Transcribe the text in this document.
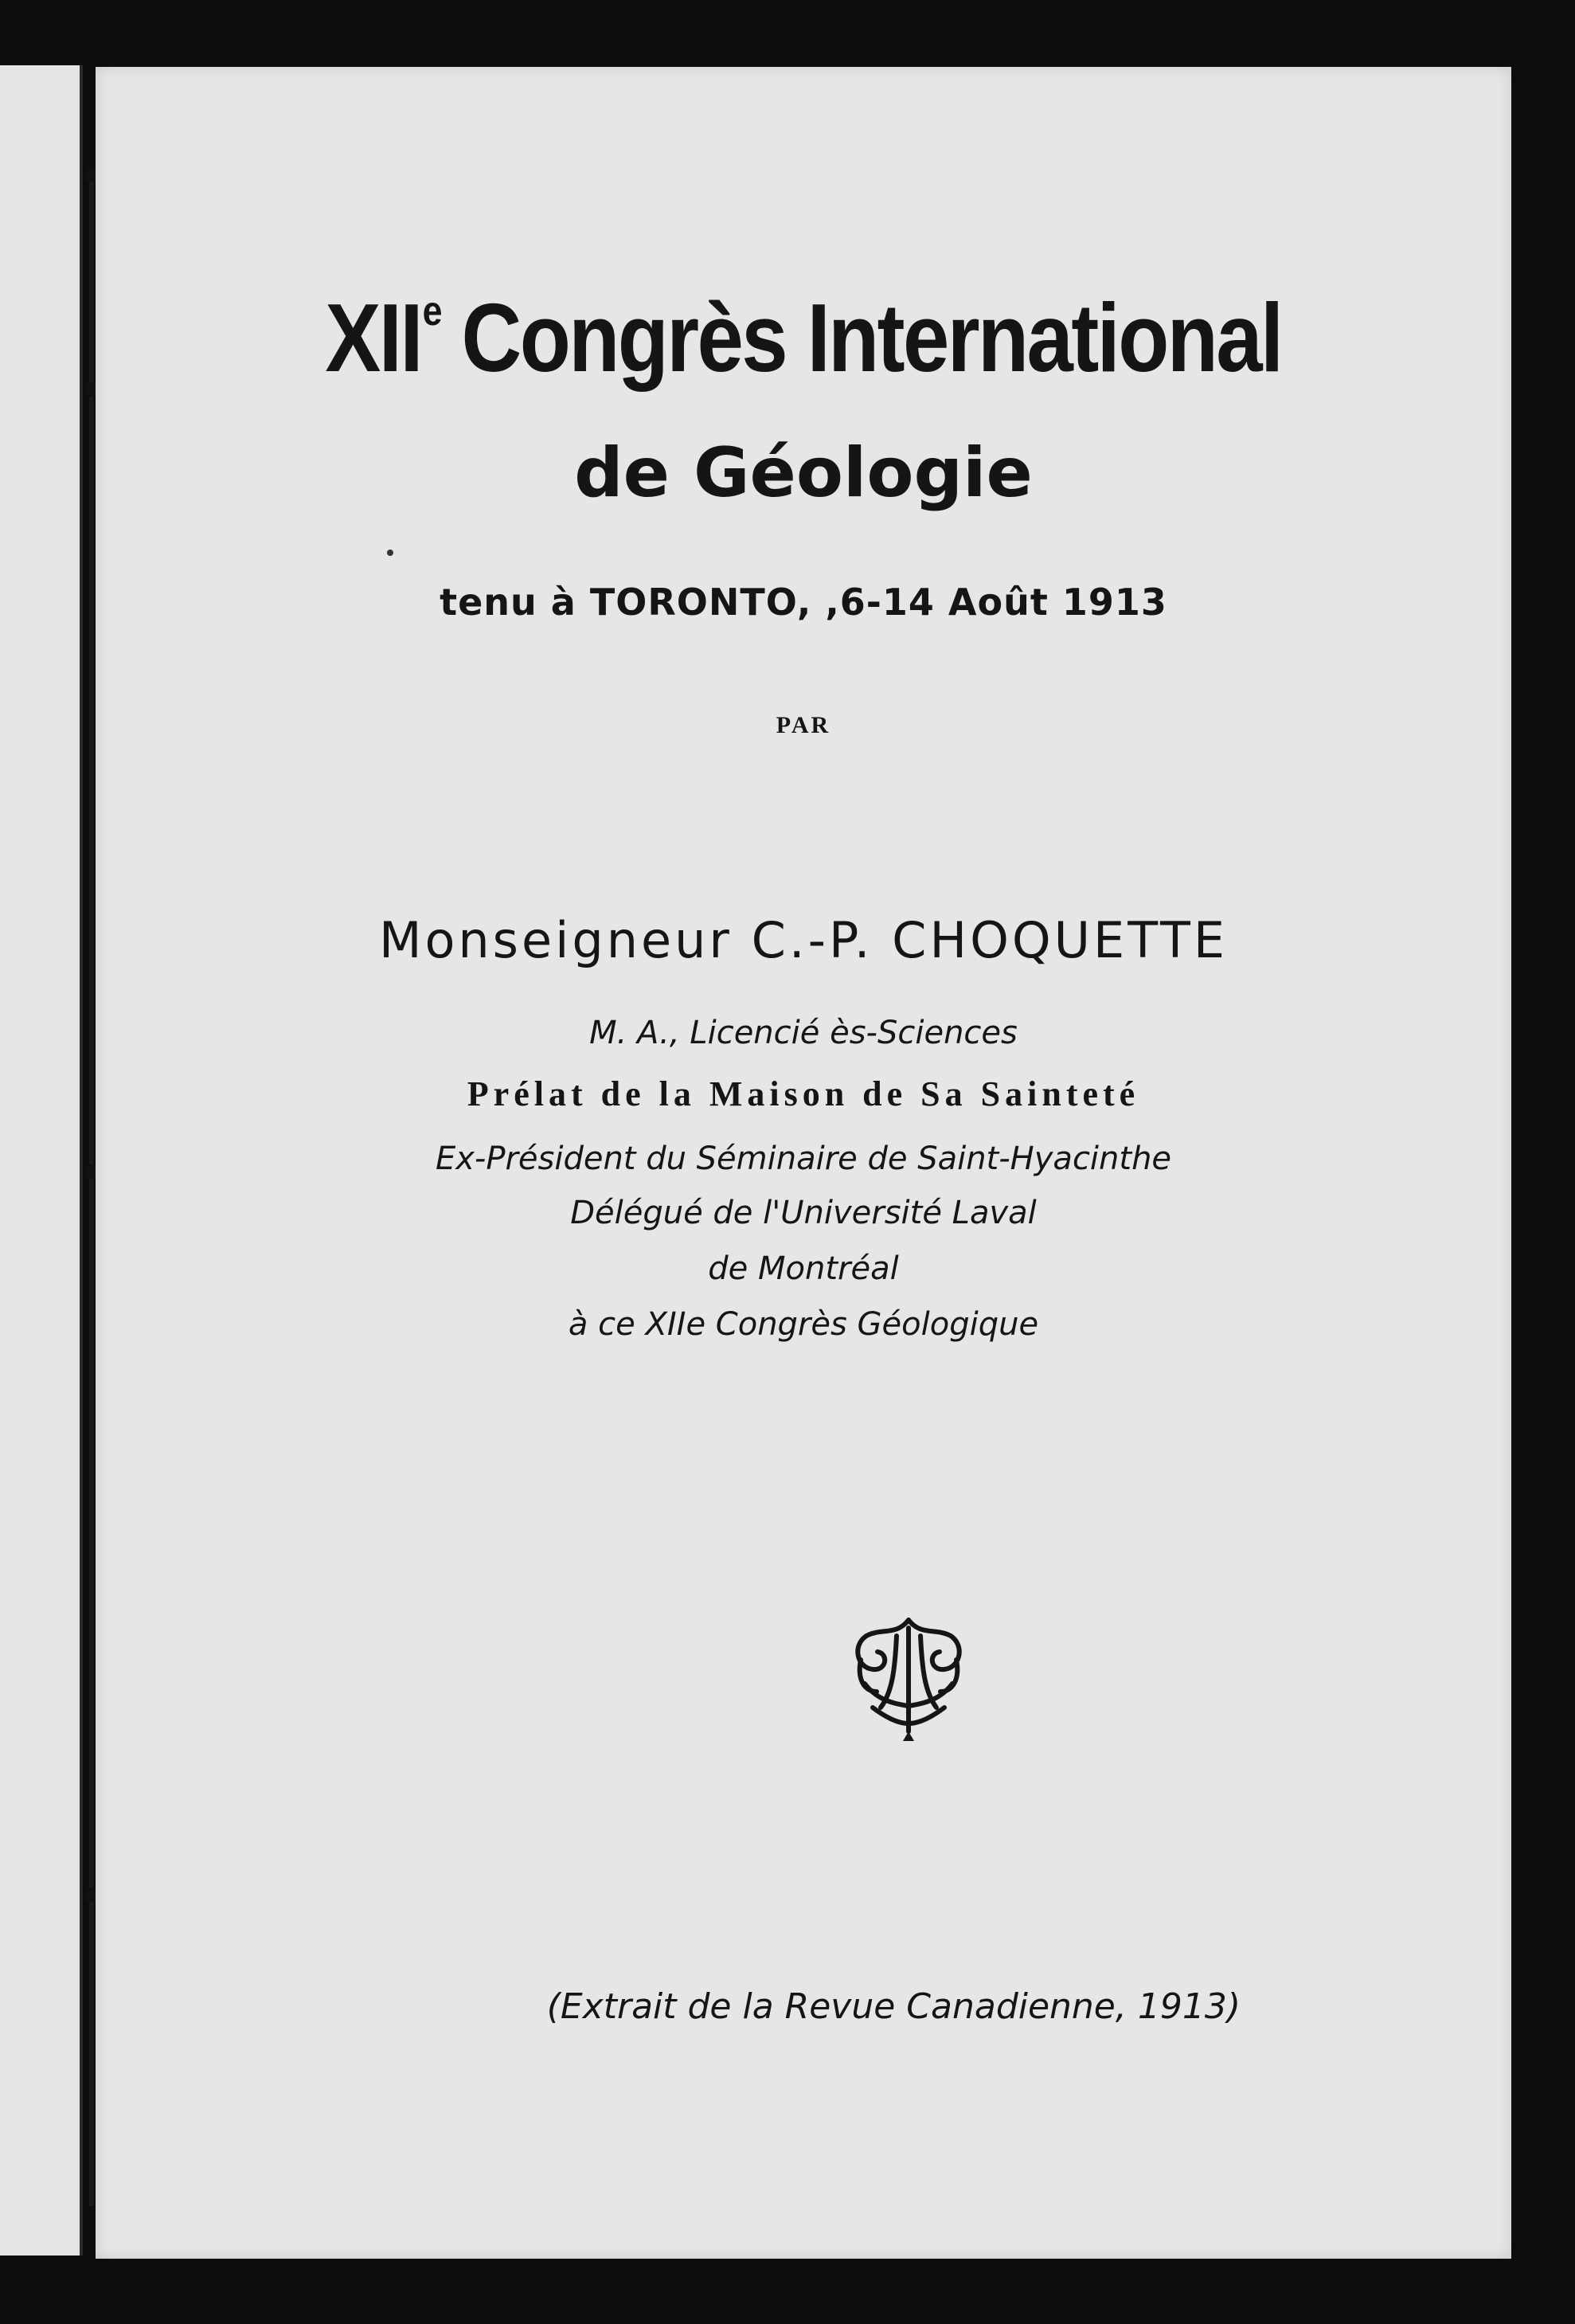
XIIe Congrès International
de Géologie
tenu à TORONTO, ,6-14 Août 1913
PAR
Monseigneur C.-P. CHOQUETTE
M. A., Licencié ès-Sciences
Prélat de la Maison de Sa Sainteté
Ex-Président du Séminaire de Saint-Hyacinthe
Délégué de l'Université Laval
de Montréal
à ce XIIe Congrès Géologique
(Extrait de la Revue Canadienne, 1913)
